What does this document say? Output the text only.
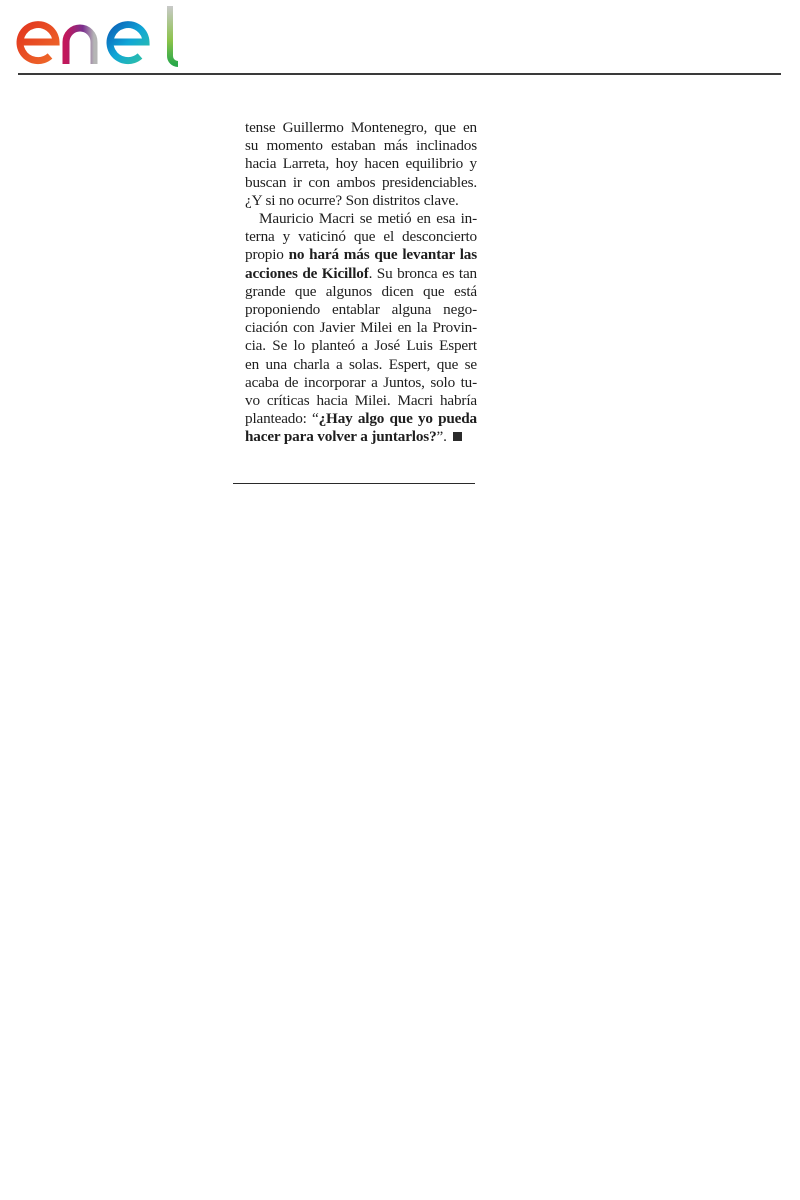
tense Guillermo Montenegro, que en
su momento estaban más inclinados
hacia Larreta, hoy hacen equilibrio y
buscan ir con ambos presidenciables.
¿Y si no ocurre? Son distritos clave.
Mauricio Macri se metió en esa in-
terna y vaticinó que el desconcierto
propio no hará más que levantar las
acciones de Kicillof. Su bronca es tan
grande que algunos dicen que está
proponiendo entablar alguna nego-
ciación con Javier Milei en la Provin-
cia. Se lo planteó a José Luis Espert
en una charla a solas. Espert, que se
acaba de incorporar a Juntos, solo tu-
vo críticas hacia Milei. Macri habría
planteado: “¿Hay algo que yo pueda
hacer para volver a juntarlos?”.
